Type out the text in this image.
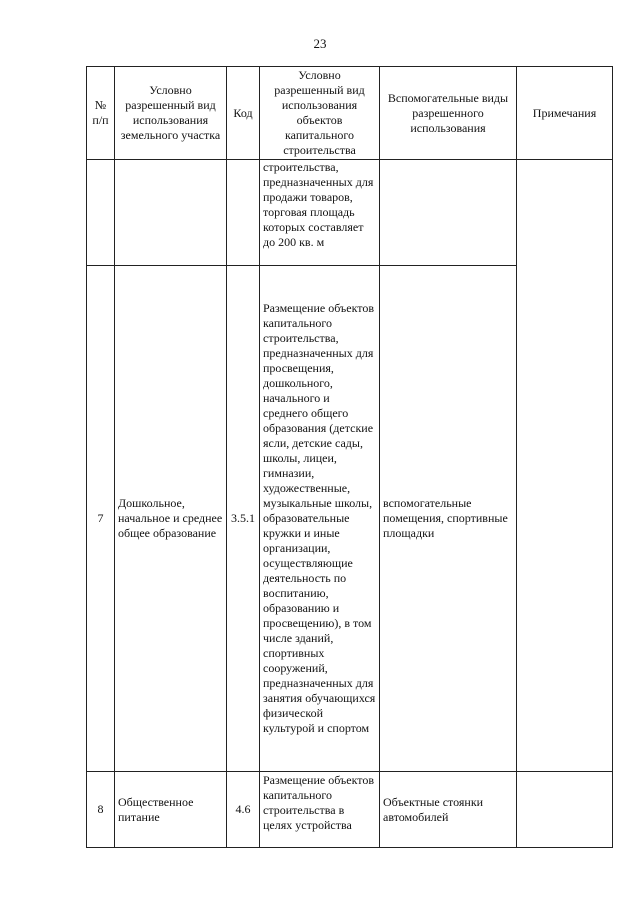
23
№ п/п	Условно разрешенный вид использования земельного участка	Код	Условно разрешенный вид использования объектов капитального строительства	Вспомогательные виды разрешенного использования	Примечания
			строительства, предназначенных для продажи товаров, торговая площадь которых составляет до 200 кв. м		
7	Дошкольное, начальное и среднее общее образование	3.5.1	Размещение объектов капитального строительства, предназначенных для просвещения, дошкольного, начального и среднего общего образования (детские ясли, детские сады, школы, лицеи, гимназии, художественные, музыкальные школы, образовательные кружки и иные организации, осуществляющие деятельность по воспитанию, образованию и просвещению), в том числе зданий, спортивных сооружений, предназначенных для занятия обучающихся физической культурой и спортом	вспомогательные помещения, спортивные площадки	
8	Общественное питание	4.6	Размещение объектов капитального строительства в целях устройства	Объектные стоянки автомобилей	
